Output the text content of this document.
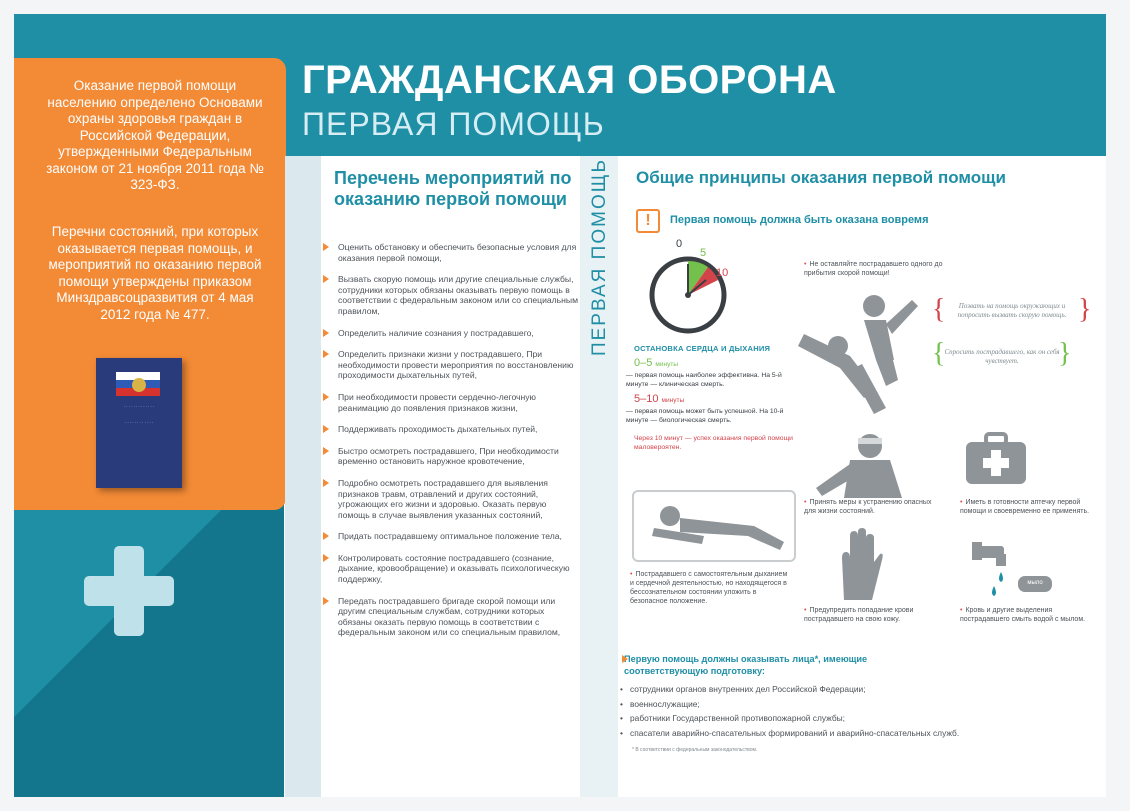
ГРАЖДАНСКАЯ ОБОРОНА
ПЕРВАЯ ПОМОЩЬ
Оказание первой помощи населению определено Основами охраны здоровья граждан в Российской Федерации, утвержденными Федеральным законом от 21 ноября 2011 года № 323-ФЗ.
Перечни состояний, при которых оказывается первая помощь, и мероприятий по оказанию первой помощи утверждены приказом Минздравсоцразвития от 4 мая 2012 года № 477.
· · · · · · · · · · · · ·
· · · · · · · · · · · ·
Перечень мероприятий по оказанию первой помощи
Оценить обстановку и обеспечить безопасные условия для оказания первой помощи,
Вызвать скорую помощь или другие специальные службы, сотрудники которых обязаны оказывать первую помощь в соответствии с федеральным законом или со специальным правилом,
Определить наличие сознания у пострадавшего,
Определить признаки жизни у пострадавшего, При необходимости провести мероприятия по восстановлению проходимости дыхательных путей,
При необходимости провести сердечно-легочную реанимацию до появления признаков жизни,
Поддерживать проходимость дыхательных путей,
Быстро осмотреть пострадавшего, При необходимости временно остановить наружное кровотечение,
Подробно осмотреть пострадавшего для выявления признаков травм, отравлений и других состояний, угрожающих его жизни и здоровью. Оказать первую помощь в случае выявления указанных состояний,
Придать пострадавшему оптимальное положение тела,
Контролировать состояние пострадавшего (сознание, дыхание, кровообращение) и оказывать психологическую поддержку,
Передать пострадавшего бригаде скорой помощи или другим специальным службам, сотрудники которых обязаны оказать первую помощь в соответствии с федеральным законом или со специальным правилом,
ПЕРВАЯ ПОМОЩЬ Общие принципы оказания первой помощи
!	Первая помощь должна быть оказана вовремя
0
5
10
ОСТАНОВКА СЕРДЦА И ДЫХАНИЯ
0–5 минуты
— первая помощь наиболее эффективна. На 5-й минуте — клиническая смерть.
5–10 минуты
— первая помощь может быть успешной. На 10-й минуте — биологическая смерть.
Через 10 минут — успех оказания первой помощи маловероятен.
• Не оставляйте пострадавшего одного до прибытия скорой помощи!
{	Позвать на помощь окружающих и попросить вызвать скорую помощь. }
{
Спросить пострадавшего, как он себя чувствует.	}
• Принять меры к устранению опасных для жизни состояний.
• Иметь в готовности аптечку первой помощи и своевременно ее применять.
• Пострадавшего с самостоятельным дыханием и сердечной деятельностью, но находящегося в бессознательном состоянии уложить в безопасное положение.
• Предупредить попадание крови пострадавшего на свою кожу.
мыло
• Кровь и другие выделения пострадавшего смыть водой с мылом.
Первую помощь должны оказывать лица*, имеющие соответствующую подготовку:
• сотрудники органов внутренних дел Российской Федерации;
• военнослужащие;
• работники Государственной противопожарной службы;
• спасатели аварийно-спасательных формирований и аварийно-спасательных служб.
* В соответствии с федеральным законодательством.
